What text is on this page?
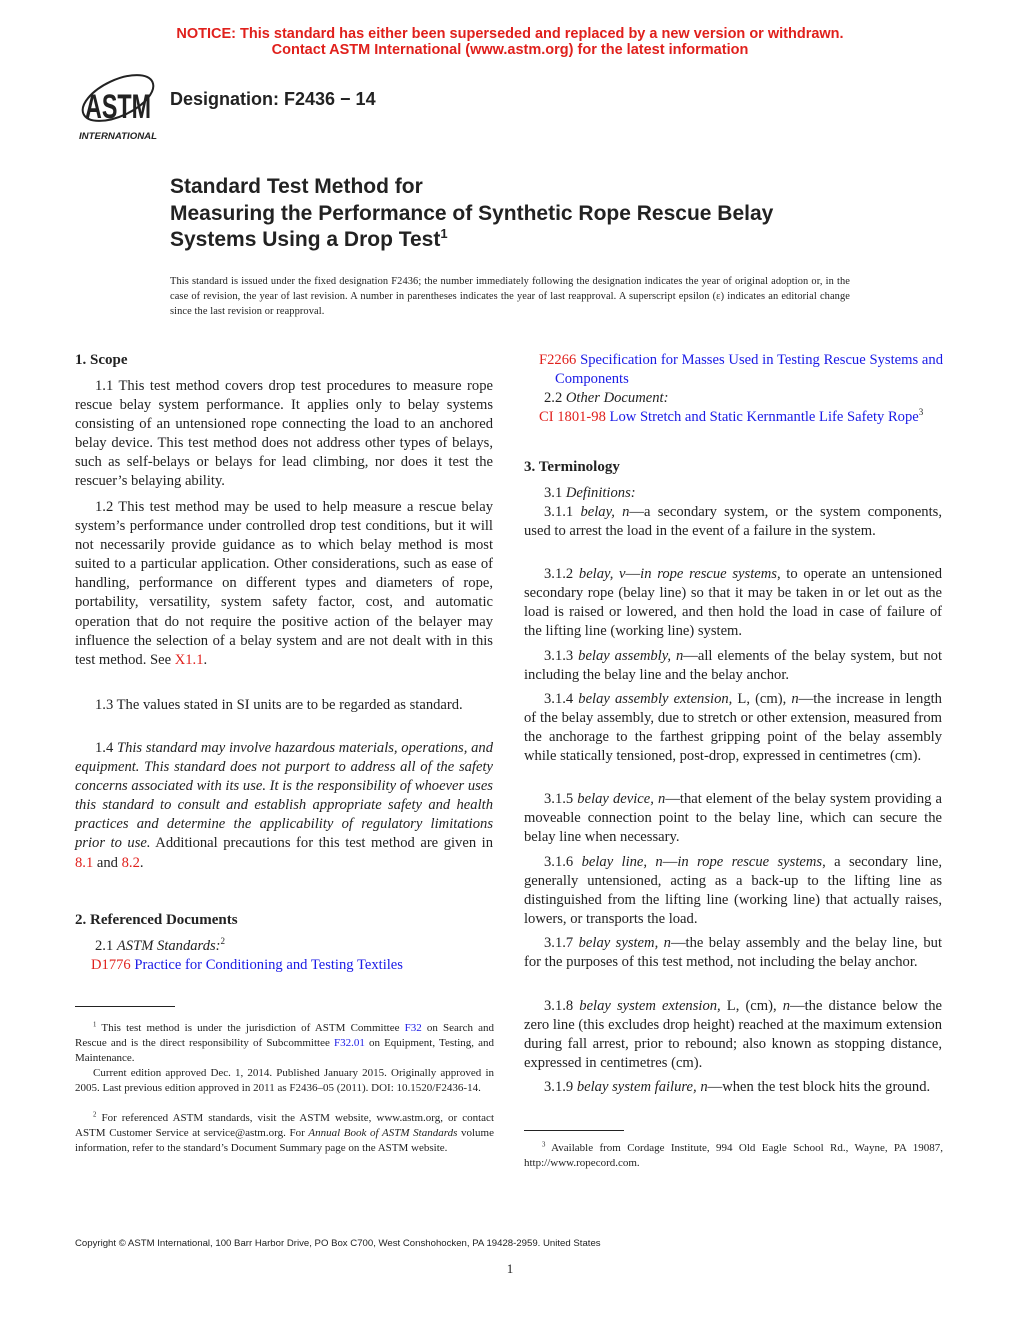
NOTICE: This standard has either been superseded and replaced by a new version or withdrawn.
Contact ASTM International (www.astm.org) for the latest information
ASTM
INTERNATIONAL
Designation: F2436 − 14
Standard Test Method for
Measuring the Performance of Synthetic Rope Rescue Belay
Systems Using a Drop Test$^1$
This standard is issued under the fixed designation F2436; the number immediately following the designation indicates the year of original adoption or, in the case of revision, the year of last revision. A number in parentheses indicates the year of last reapproval. A superscript epsilon (ε) indicates an editorial change since the last revision or reapproval.
1. Scope
1.1 This test method covers drop test procedures to measure rope rescue belay system performance. It applies only to belay systems consisting of an untensioned rope connecting the load to an anchored belay device. This test method does not address other types of belays, such as self-belays or belays for lead climbing, nor does it test the rescuer’s belaying ability.
1.2 This test method may be used to help measure a rescue belay system’s performance under controlled drop test conditions, but it will not necessarily provide guidance as to which belay method is most suited to a particular application. Other considerations, such as ease of handling, performance on different types and diameters of rope, portability, versatility, system safety factor, cost, and automatic operation that do not require the positive action of the belayer may influence the selection of a belay system and are not dealt with in this test method. See X1.1.
1.3 The values stated in SI units are to be regarded as standard.
1.4 This standard may involve hazardous materials, operations, and equipment. This standard does not purport to address all of the safety concerns associated with its use. It is the responsibility of whoever uses this standard to consult and establish appropriate safety and health practices and determine the applicability of regulatory limitations prior to use. Additional precautions for this test method are given in 8.1 and 8.2.
2. Referenced Documents
2.1 ASTM Standards:$^2$
D1776 Practice for Conditioning and Testing Textiles
$^1$ This test method is under the jurisdiction of ASTM Committee F32 on Search and Rescue and is the direct responsibility of Subcommittee F32.01 on Equipment, Testing, and Maintenance.
Current edition approved Dec. 1, 2014. Published January 2015. Originally approved in 2005. Last previous edition approved in 2011 as F2436–05 (2011). DOI: 10.1520/F2436-14.
$^2$ For referenced ASTM standards, visit the ASTM website, www.astm.org, or contact ASTM Customer Service at service@astm.org. For Annual Book of ASTM Standards volume information, refer to the standard’s Document Summary page on the ASTM website.
F2266 Specification for Masses Used in Testing Rescue Systems and Components
2.2 Other Document:
CI 1801-98 Low Stretch and Static Kernmantle Life Safety Rope$^3$
3. Terminology
3.1 Definitions:
3.1.1 belay, n—a secondary system, or the system components, used to arrest the load in the event of a failure in the system.
3.1.2 belay, v—in rope rescue systems, to operate an untensioned secondary rope (belay line) so that it may be taken in or let out as the load is raised or lowered, and then hold the load in case of failure of the lifting line (working line) system.
3.1.3 belay assembly, n—all elements of the belay system, but not including the belay line and the belay anchor.
3.1.4 belay assembly extension, L, (cm), n—the increase in length of the belay assembly, due to stretch or other extension, measured from the anchorage to the farthest gripping point of the belay assembly while statically tensioned, post-drop, expressed in centimetres (cm).
3.1.5 belay device, n—that element of the belay system providing a moveable connection point to the belay line, which can secure the belay line when necessary.
3.1.6 belay line, n—in rope rescue systems, a secondary line, generally untensioned, acting as a back-up to the lifting line as distinguished from the lifting line (working line) that actually raises, lowers, or transports the load.
3.1.7 belay system, n—the belay assembly and the belay line, but for the purposes of this test method, not including the belay anchor.
3.1.8 belay system extension, L, (cm), n—the distance below the zero line (this excludes drop height) reached at the maximum extension during fall arrest, prior to rebound; also known as stopping distance, expressed in centimetres (cm).
3.1.9 belay system failure, n—when the test block hits the ground.
$^3$ Available from Cordage Institute, 994 Old Eagle School Rd., Wayne, PA 19087, http://www.ropecord.com.
Copyright © ASTM International, 100 Barr Harbor Drive, PO Box C700, West Conshohocken, PA 19428-2959. United States
1
